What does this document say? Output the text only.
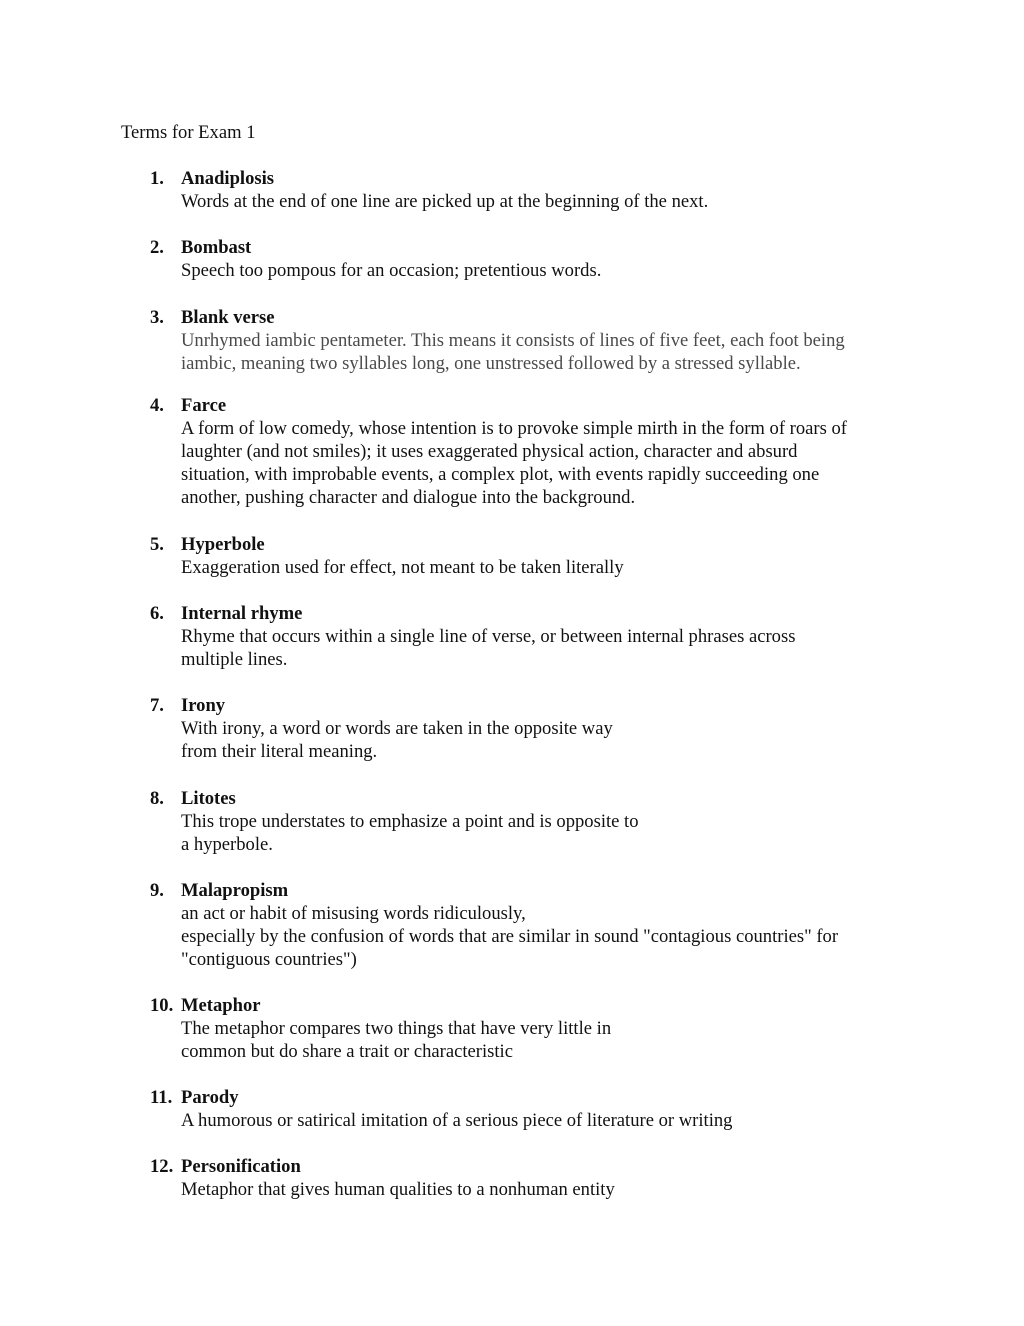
Terms for Exam 1
1. Anadiplosis
Words at the end of one line are picked up at the beginning of the next.
2. Bombast
Speech too pompous for an occasion; pretentious words.
3. Blank verse
Unrhymed iambic pentameter. This means it consists of lines of five feet, each foot being
iambic, meaning two syllables long, one unstressed followed by a stressed syllable.
4. Farce
A form of low comedy, whose intention is to provoke simple mirth in the form of roars of
laughter (and not smiles); it uses exaggerated physical action, character and absurd
situation, with improbable events, a complex plot, with events rapidly succeeding one
another, pushing character and dialogue into the background.
5. Hyperbole
Exaggeration used for effect, not meant to be taken literally
6. Internal rhyme
Rhyme that occurs within a single line of verse, or between internal phrases across
multiple lines.
7. Irony
With irony, a word or words are taken in the opposite way
from their literal meaning.
8. Litotes
This trope understates to emphasize a point and is opposite to
a hyperbole.
9. Malapropism
an act or habit of misusing words ridiculously,
especially by the confusion of words that are similar in sound "contagious countries" for
"contiguous countries")
10. Metaphor
The metaphor compares two things that have very little in
common but do share a trait or characteristic
11. Parody
A humorous or satirical imitation of a serious piece of literature or writing
12. Personification
Metaphor that gives human qualities to a nonhuman entity
